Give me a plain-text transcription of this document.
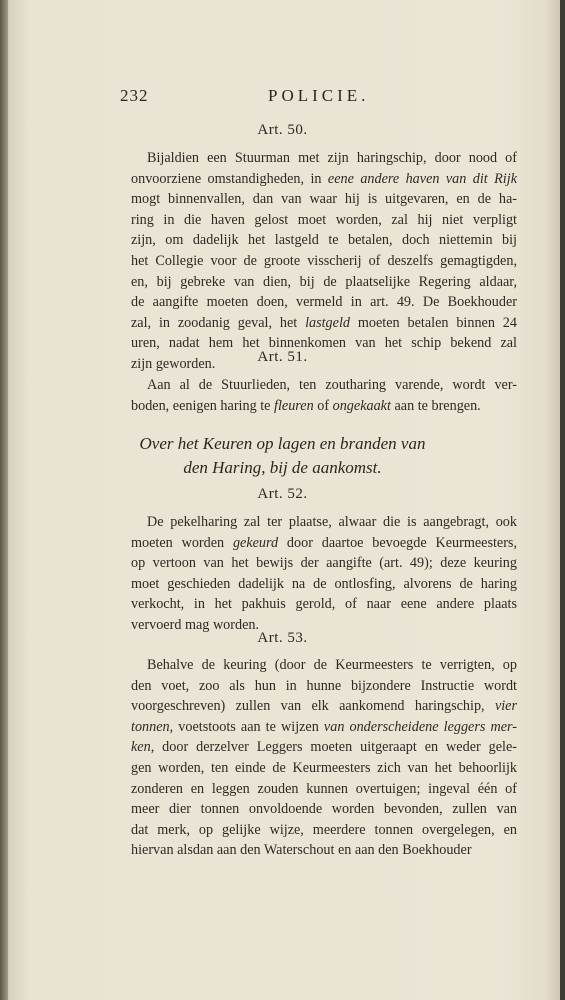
232	POLICIE.
Art. 50.
Bijaldien een Stuurman met zijn haringschip, door nood of
onvoorziene omstandigheden, in eene andere haven van dit Rijk
mogt binnenvallen, dan van waar hij is uitgevaren, en de ha-
ring in die haven gelost moet worden, zal hij niet verpligt
zijn, om dadelijk het lastgeld te betalen, doch niettemin bij
het Collegie voor de groote visscherij of deszelfs gemagtigden,
en, bij gebreke van dien, bij de plaatselijke Regering aldaar,
de aangifte moeten doen, vermeld in art. 49. De Boekhouder
zal, in zoodanig geval, het lastgeld moeten betalen binnen 24
uren, nadat hem het binnenkomen van het schip bekend zal
zijn geworden.	Art. 51.
Aan al de Stuurlieden, ten zoutharing varende, wordt ver-
boden, eenigen haring te fleuren of ongekaakt aan te brengen.
Over het Keuren op lagen en branden van
den Haring, bij de aankomst.
Art. 52.
De pekelharing zal ter plaatse, alwaar die is aangebragt, ook
moeten worden gekeurd door daartoe bevoegde Keurmeesters,
op vertoon van het bewijs der aangifte (art. 49); deze keuring
moet geschieden dadelijk na de ontlosfing, alvorens de haring
verkocht, in het pakhuis gerold, of naar eene andere plaats
vervoerd mag worden.
Art. 53.
Behalve de keuring (door de Keurmeesters te verrigten, op
den voet, zoo als hun in hunne bijzondere Instructie wordt
voorgeschreven) zullen van elk aankomend haringschip, vier
tonnen, voetstoots aan te wijzen van onderscheidene leggers mer-
ken, door derzelver Leggers moeten uitgeraapt en weder gele-
gen worden, ten einde de Keurmeesters zich van het behoorlijk
zonderen en leggen zouden kunnen overtuigen; ingeval één of
meer dier tonnen onvoldoende worden bevonden, zullen van
dat merk, op gelijke wijze, meerdere tonnen overgelegen, en
hiervan alsdan aan den Waterschout en aan den Boekhouder
